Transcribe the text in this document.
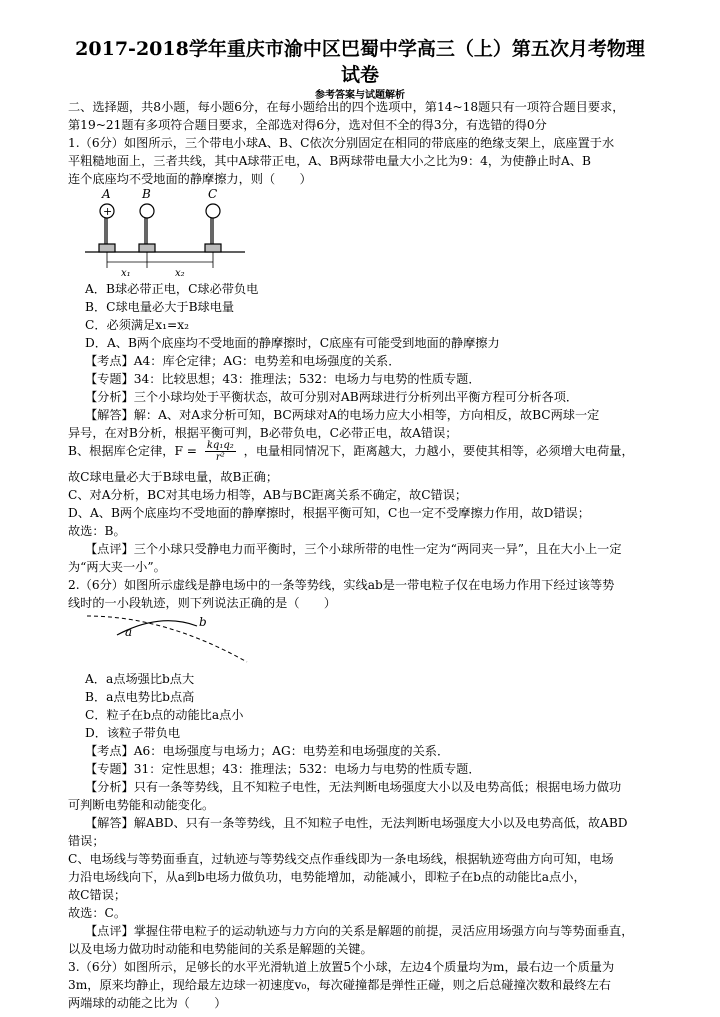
2017-2018学年重庆市渝中区巴蜀中学高三（上）第五次月考物理
试卷
参考答案与试题解析
二、选择题，共8小题，每小题6分，在每小题给出的四个选项中，第14~18题只有一项符合题目要求，
第19~21题有多项符合题目要求，全部选对得6分，选对但不全的得3分，有选错的得0分
1.（6分）如图所示，三个带电小球A、B、C依次分别固定在相同的带底座的绝缘支架上，底座置于水
平粗糙地面上，三者共线，其中A球带正电，A、B两球带电量大小之比为9：4，为使静止时A、B
连个底座均不受地面的静摩擦力，则（　　）
+
A	B	C
x₁	x₂
A．B球必带正电，C球必带负电
B．C球电量必大于B球电量
C．必须满足x₁=x₂
D．A、B两个底座均不受地面的静摩擦时，C底座有可能受到地面的静摩擦力
【考点】A4：库仑定律；AG：电势差和电场强度的关系．
【专题】34：比较思想；43：推理法；532：电场力与电势的性质专题．
【分析】三个小球均处于平衡状态，故可分别对AB两球进行分析列出平衡方程可分析各项．
【解答】解：A、对A求分析可知，BC两球对A的电场力应大小相等，方向相反，故BC两球一定
异号，在对B分析，根据平衡可判，B必带负电，C必带正电，故A错误；
B、根据库仑定律，$F = \frac{\text{kq₁q₂}}{\text{r²}}$ ，电量相同情况下，距离越大，力越小，要使其相等，必须增大电荷量，
故C球电量必大于B球电量，故B正确；
C、对A分析，BC对其电场力相等，AB与BC距离关系不确定，故C错误；
D、A、B两个底座均不受地面的静摩擦时，根据平衡可知，C也一定不受摩擦力作用，故D错误；
故选：B。
【点评】三个小球只受静电力而平衡时，三个小球所带的电性一定为“两同夹一异”，且在大小上一定
为“两大夹一小”。
2.（6分）如图所示虚线是静电场中的一条等势线，实线ab是一带电粒子仅在电场力作用下经过该等势
线时的一小段轨迹，则下列说法正确的是（　　）
a
b
A．a点场强比b点大
B．a点电势比b点高
C．粒子在b点的动能比a点小
D．该粒子带负电
【考点】A6：电场强度与电场力；AG：电势差和电场强度的关系．
【专题】31：定性思想；43：推理法；532：电场力与电势的性质专题．
【分析】只有一条等势线，且不知粒子电性，无法判断电场强度大小以及电势高低；根据电场力做功
可判断电势能和动能变化。
【解答】解ABD、只有一条等势线，且不知粒子电性，无法判断电场强度大小以及电势高低，故ABD
错误；
C、电场线与等势面垂直，过轨迹与等势线交点作垂线即为一条电场线，根据轨迹弯曲方向可知，电场
力沿电场线向下，从a到b电场力做负功，电势能增加，动能减小，即粒子在b点的动能比a点小，
故C错误；
故选：C。
【点评】掌握住带电粒子的运动轨迹与力方向的关系是解题的前提，灵活应用场强方向与等势面垂直，
以及电场力做功时动能和电势能间的关系是解题的关键。
3.（6分）如图所示，足够长的水平光滑轨道上放置5个小球，左边4个质量均为m，最右边一个质量为
3m，原来均静止，现给最左边球一初速度v₀，每次碰撞都是弹性正碰，则之后总碰撞次数和最终左右
两端球的动能之比为（　　）
